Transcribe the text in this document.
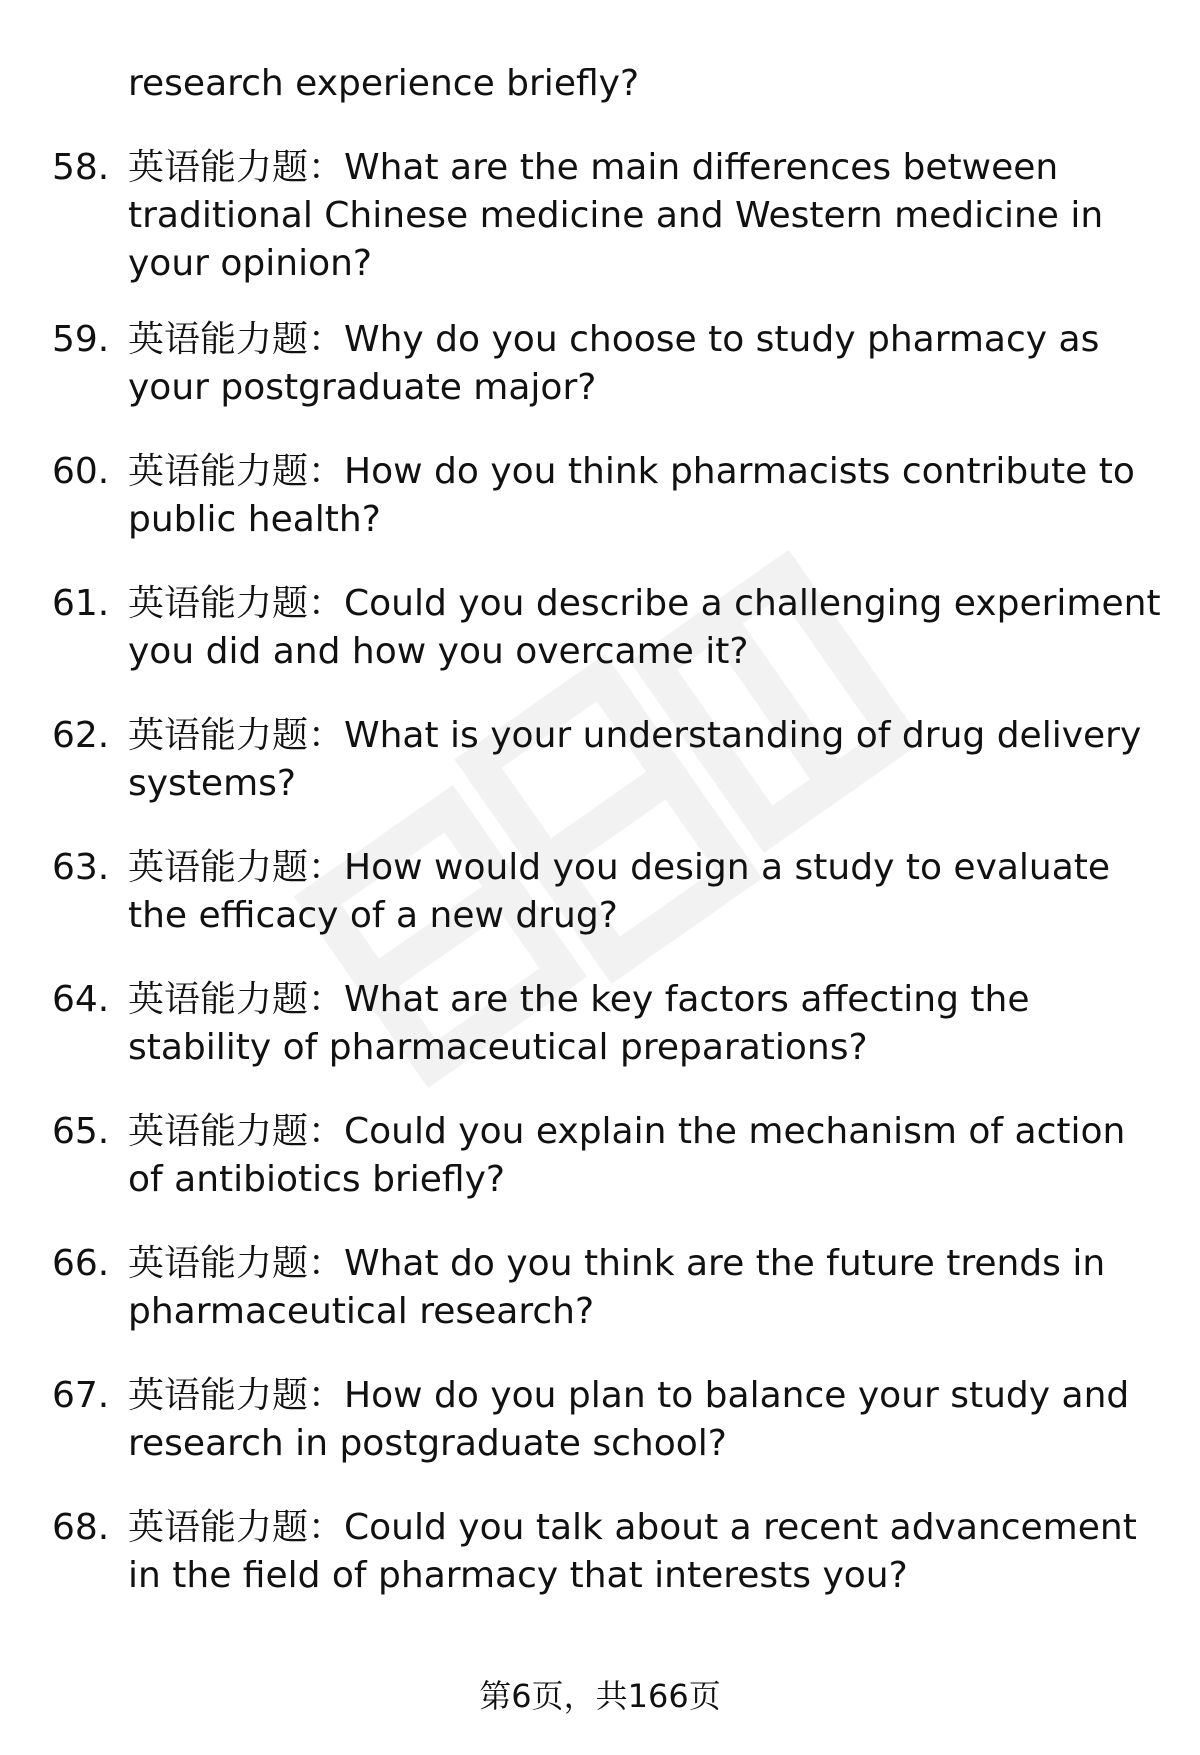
research experience briefly?
58. 英语能力题：What are the main differences between traditional Chinese medicine and Western medicine in your opinion?
59. 英语能力题：Why do you choose to study pharmacy as your postgraduate major?
60. 英语能力题：How do you think pharmacists contribute to public health?
61. 英语能力题：Could you describe a challenging experiment you did and how you overcame it?
62. 英语能力题：What is your understanding of drug delivery systems?
63. 英语能力题：How would you design a study to evaluate the efficacy of a new drug?
64. 英语能力题：What are the key factors affecting the stability of pharmaceutical preparations?
65. 英语能力题：Could you explain the mechanism of action of antibiotics briefly?
66. 英语能力题：What do you think are the future trends in pharmaceutical research?
67. 英语能力题：How do you plan to balance your study and research in postgraduate school?
68. 英语能力题：Could you talk about a recent advancement in the field of pharmacy that interests you?
第6页，共166页
